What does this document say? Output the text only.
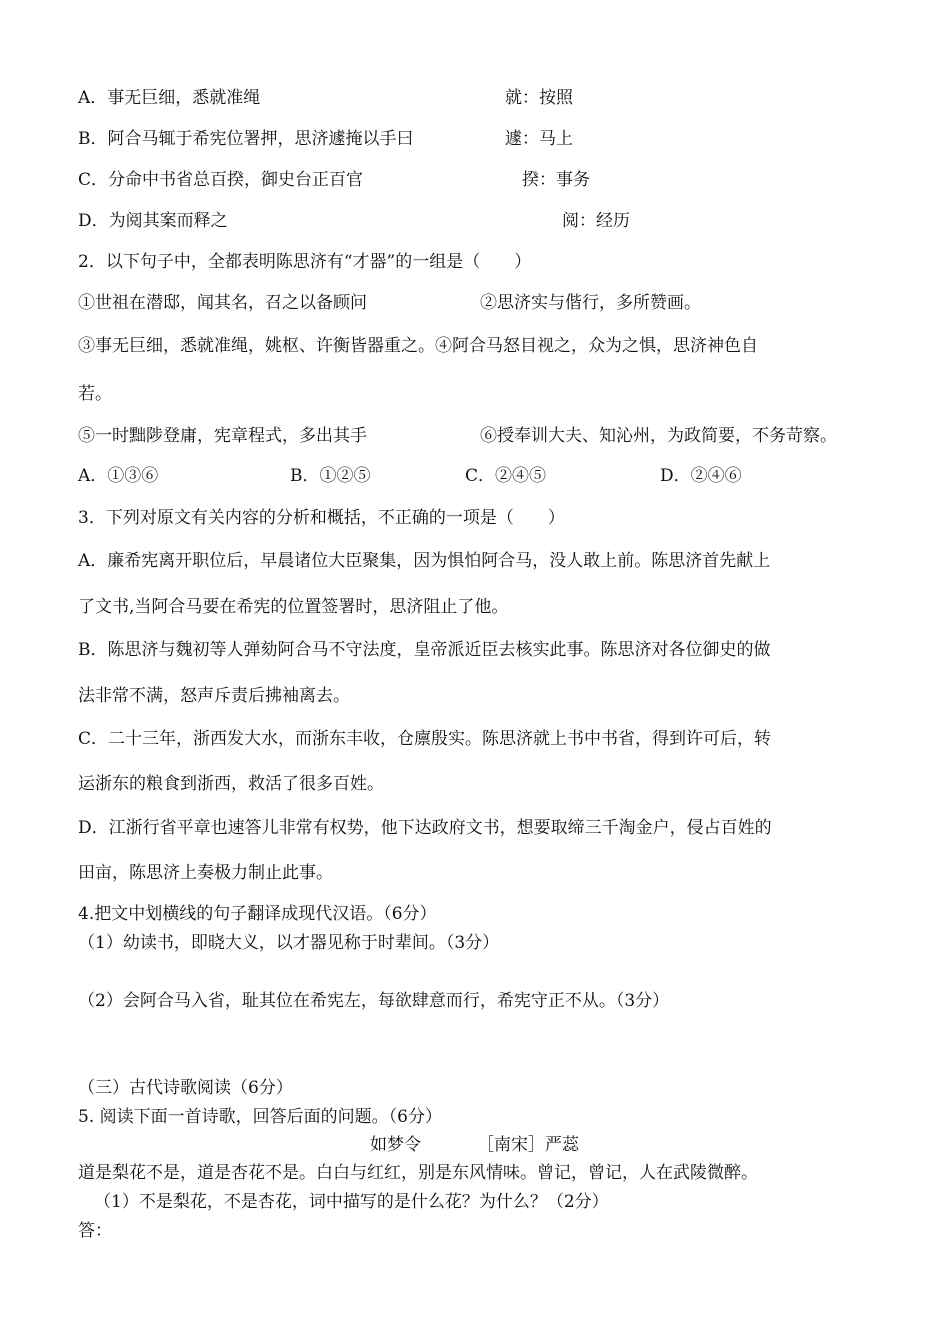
A．事无巨细，悉就准绳	就：按照
B．阿合马辄于希宪位署押，思济遽掩以手曰	遽：马上
C．分命中书省总百揆，御史台正百官	揆：事务
D．为阅其案而释之	阅：经历
2．以下句子中，全都表明陈思济有“才器”的一组是（　　）
①世祖在潜邸，闻其名，召之以备顾问	②思济实与偕行，多所赞画。
③事无巨细，悉就准绳，姚枢、许衡皆器重之。④阿合马怒目视之，众为之惧，思济神色自
若。
⑤一时黜陟登庸，宪章程式，多出其手	⑥授奉训大夫、知沁州，为政简要，不务苛察。
A．①③⑥	B．①②⑤	C．②④⑤	D．②④⑥
3．下列对原文有关内容的分析和概括，不正确的一项是（　　）
A．廉希宪离开职位后，早晨诸位大臣聚集，因为惧怕阿合马，没人敢上前。陈思济首先献上
了文书,当阿合马要在希宪的位置签署时，思济阻止了他。
B．陈思济与魏初等人弹劾阿合马不守法度，皇帝派近臣去核实此事。陈思济对各位御史的做
法非常不满，怒声斥责后拂袖离去。
C．二十三年，浙西发大水，而浙东丰收，仓廪殷实。陈思济就上书中书省，得到许可后，转
运浙东的粮食到浙西，救活了很多百姓。
D．江浙行省平章也速答儿非常有权势，他下达政府文书，想要取缔三千淘金户，侵占百姓的
田亩，陈思济上奏极力制止此事。
4.把文中划横线的句子翻译成现代汉语。（6分）
（1）幼读书，即晓大义，以才器见称于时辈间。（3分）
（2）会阿合马入省，耻其位在希宪左，每欲肆意而行，希宪守正不从。（3分）
（三）古代诗歌阅读（6分）
5. 阅读下面一首诗歌，回答后面的问题。（6分）
如梦令	［南宋］严蕊
道是梨花不是，道是杏花不是。白白与红红，别是东风情味。曾记，曾记，人在武陵微醉。
（1）不是梨花，不是杏花，词中描写的是什么花？为什么？（2分）
答：
